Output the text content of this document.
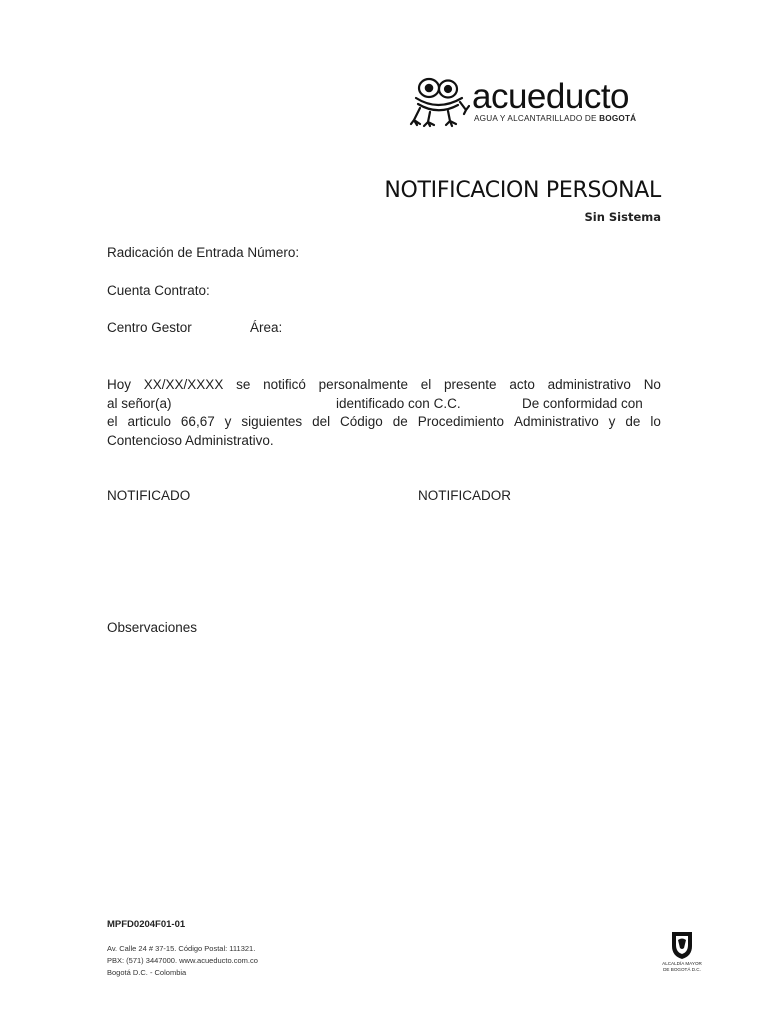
acueducto
AGUA Y ALCANTARILLADO DE BOGOTÁ
NOTIFICACION PERSONAL
Sin Sistema
Radicación de Entrada Número:
Cuenta Contrato:
Centro Gestor	Área:
Hoy XX/XX/XXXX se notificó personalmente el presente acto administrativo No
al señor(a)	identificado con C.C.	De conformidad con
el articulo 66,67 y siguientes del Código de Procedimiento Administrativo y de lo
Contencioso Administrativo.
NOTIFICADO	NOTIFICADOR
Observaciones
MPFD0204F01-01
Av. Calle 24 # 37-15. Código Postal: 111321.
PBX: (571) 3447000. www.acueducto.com.co
Bogotá D.C. - Colombia
ALCALDÍA MAYOR
DE BOGOTÁ D.C.
